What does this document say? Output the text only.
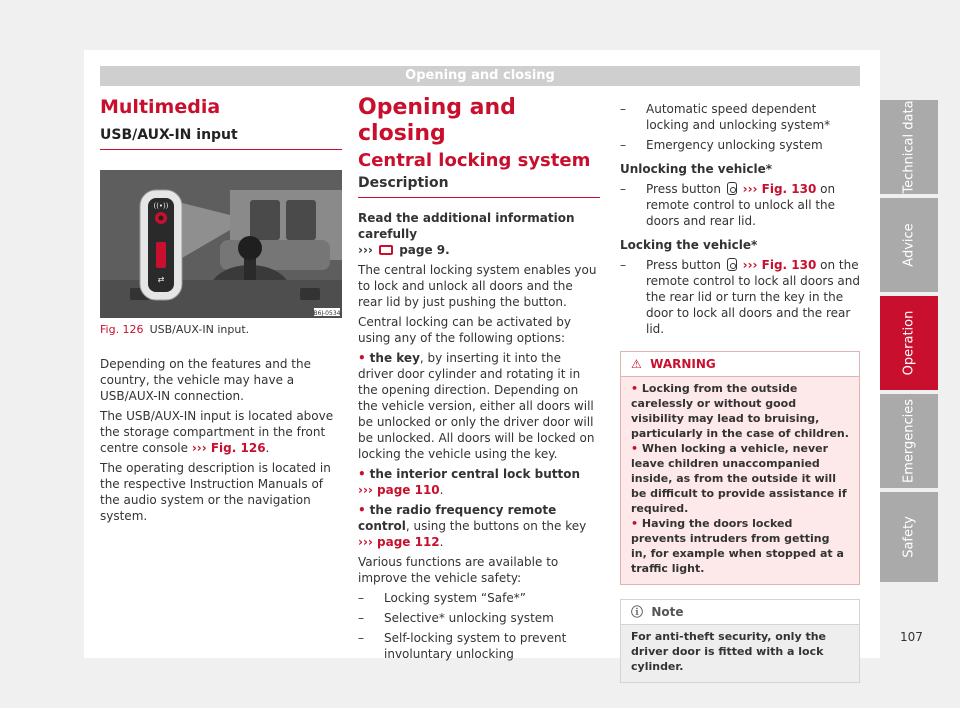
Opening and closing
Multimedia
USB/AUX-IN input
((•))
⇄
B6J-0534
Fig. 126 USB/AUX-IN input.

Depending on the features and the country, the vehicle may have a USB/AUX-IN connection.

The USB/AUX-IN input is located above the storage compartment in the front centre console ››› Fig. 126.

The operating description is located in the respective Instruction Manuals of the audio system or the navigation system.

Opening and closing
Central locking system
Description

Read the additional information carefully
›››  page 9.

The central locking system enables you to lock and unlock all doors and the rear lid by just pushing the button.

Central locking can be activated by using any of the following options:

• the key, by inserting it into the driver door cylinder and rotating it in the opening direction. Depending on the vehicle version, either all doors will be unlocked or only the driver door will be unlocked. All doors will be locked on locking the vehicle using the key.
• the interior central lock button
››› page 110.
• the radio frequency remote control, using the buttons on the key ››› page 112.

Various functions are available to improve the vehicle safety:

– Locking system “Safe*”
– Selective* unlocking system
– Self-locking system to prevent involuntary unlocking
– Automatic speed dependent locking and unlocking system*
– Emergency unlocking system
Unlocking the vehicle*
– Press button  ››› Fig. 130 on remote control to unlock all the doors and rear lid.
Locking the vehicle*
– Press button  ››› Fig. 130 on the remote control to lock all doors and the rear lid or turn the key in the door to lock all doors and the rear lid.
⚠ WARNING
• Locking from the outside carelessly or without good visibility may lead to bruising, particularly in the case of children.
• When locking a vehicle, never leave children unaccompanied inside, as from the outside it will be difficult to provide assistance if required.
• Having the doors locked prevents intruders from getting in, for example when stopped at a traffic light.
ⓘ Note
For anti-theft security, only the driver door is fitted with a lock cylinder.
Technical data
Advice
Operation
Emergencies
Safety
107
